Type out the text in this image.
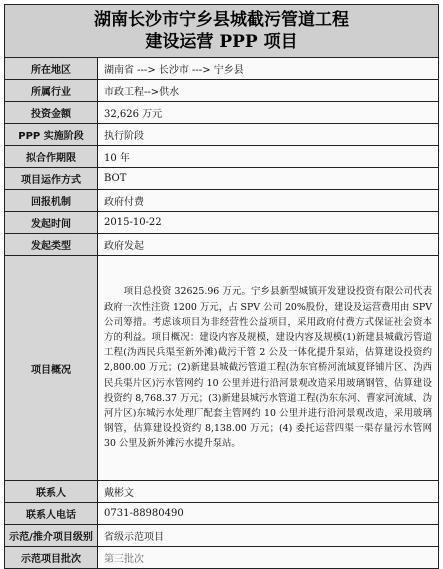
湖南长沙市宁乡县城截污管道工程
建设运营 PPP 项目
所在地区	湖南省 ---> 长沙市 ---> 宁乡县
所属行业	市政工程-->供水
投资金额	32,626 万元
PPP 实施阶段	执行阶段
拟合作期限	10 年
项目运作方式	BOT
回报机制	政府付费
发起时间	2015-10-22
发起类型	政府发起
项目概况	项目总投资 32625.96 万元。宁乡县新型城镇开发建设投资有限公司代表政府一次性注资 1200 万元，占 SPV 公司 20%股份，建设及运营费用由 SPV 公司筹措。考虑该项目为非经营性公益项目，采用政府付费方式保证社会资本方的利益。项目概况：建设内容及规模，建设内容及规模(1)新建县城截污管道工程(沩西民兵渠至新外滩)截污干管 2 公及一体化提升泵站，估算建设投资约 2,800.00 万元；(2)新建县城截污管道工程(沩东官桥河流域夏铎铺片区、沩西民兵渠片区)污水管网约 10 公里并进行沿河景观改造采用玻璃钢管，估算建设投资约 8,768.37 万元；(3)新建县城污水管道工程(沩东东河、曹家河流域、沩河片区)东城污水处理厂配套主管网约 10 公里并进行沿河景观改造，采用玻璃钢管，估算建设投资约 8,138.00 万元；(4) 委托运营四渠一渠存量污水管网 30 公里及新外滩污水提升泵站。
联系人	戴彬文
联系人电话	0731-88980490
示范/推介项目级别	省级示范项目
示范项目批次	第三批次
